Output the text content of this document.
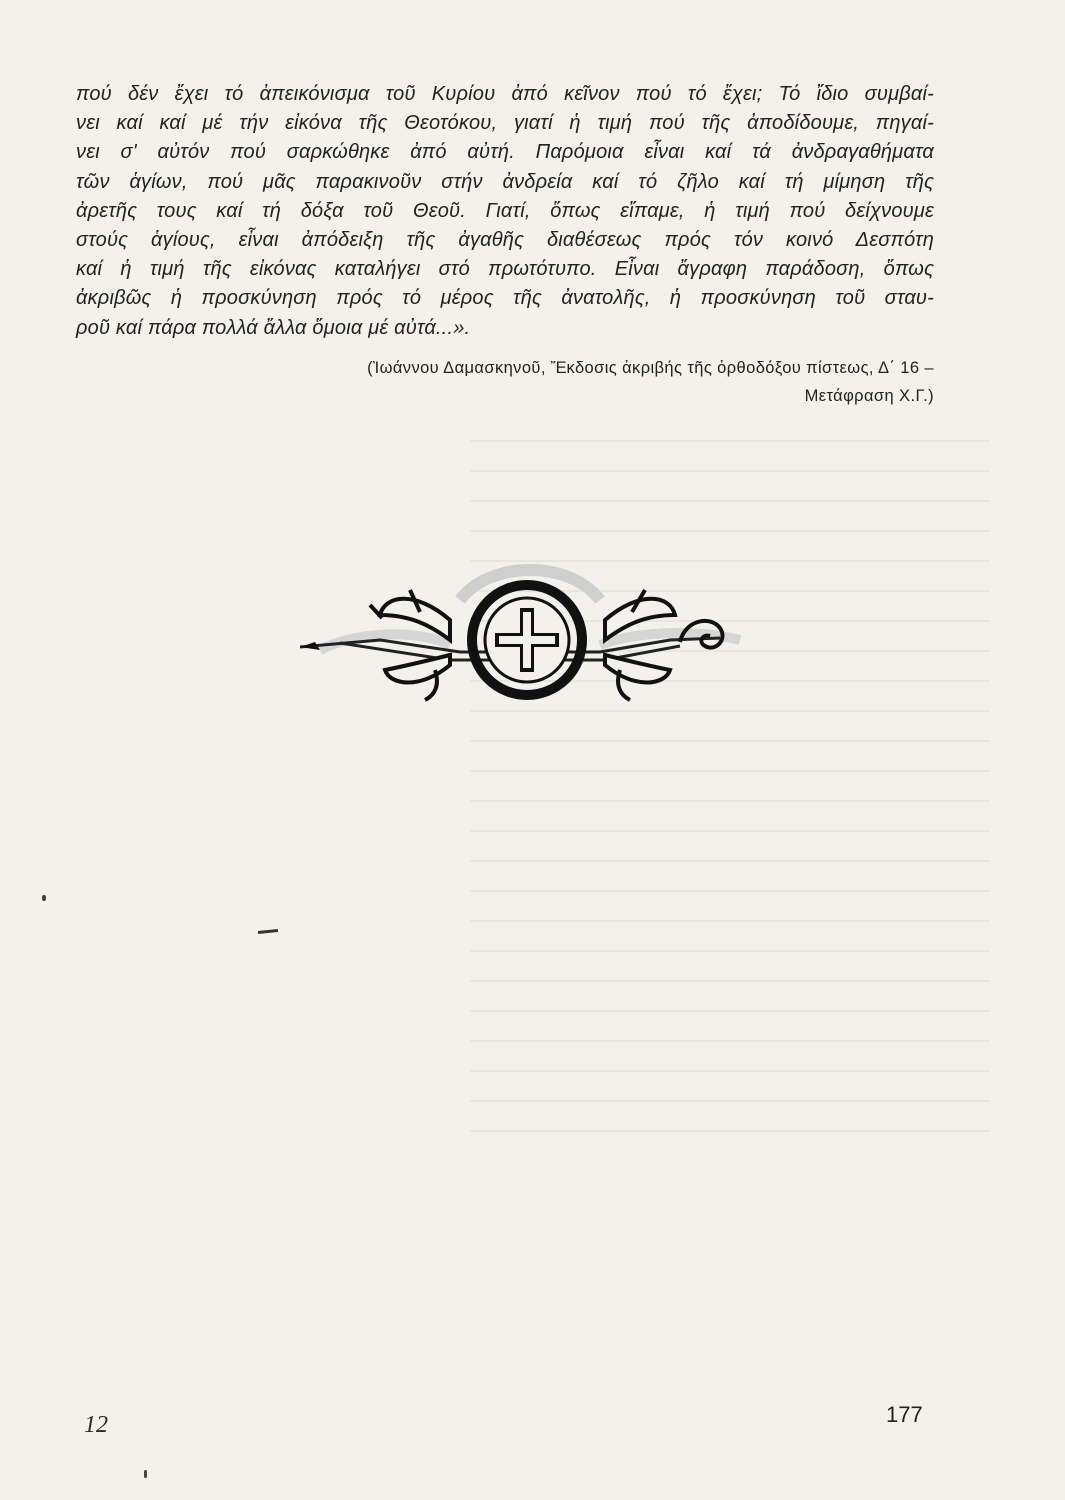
πού δέν ἔχει τό ἀπεικόνισμα τοῦ Κυρίου ἀπό κεῖνον πού τό ἔχει; Τό ἴδιο συμβαί-
νει καί καί μέ τήν εἰκόνα τῆς Θεοτόκου, γιατί ἡ τιμή πού τῆς ἀποδίδουμε, πηγαί-
νει σ' αὐτόν πού σαρκώθηκε ἀπό αὐτή. Παρόμοια εἶναι καί τά ἀνδραγαθήματα
τῶν ἁγίων, πού μᾶς παρακινοῦν στήν ἀνδρεία καί τό ζῆλο καί τή μίμηση τῆς
ἀρετῆς τους καί τή δόξα τοῦ Θεοῦ. Γιατί, ὅπως εἴπαμε, ἡ τιμή πού δείχνουμε
στούς ἁγίους, εἶναι ἀπόδειξη τῆς ἀγαθῆς διαθέσεως πρός τόν κοινό Δεσπότη
καί ἡ τιμή τῆς εἰκόνας καταλήγει στό πρωτότυπο. Εἶναι ἄγραφη παράδοση, ὅπως
ἀκριβῶς ἡ προσκύνηση πρός τό μέρος τῆς ἀνατολῆς, ἡ προσκύνηση τοῦ σταυ-
ροῦ καί πάρα πολλά ἄλλα ὅμοια μέ αὐτά...».
(Ἰωάννου Δαμασκηνοῦ, Ἔκδοσις ἀκριβής τῆς ὀρθοδόξου πίστεως, Δ΄ 16 –
Μετάφραση Χ.Γ.)
12	177
